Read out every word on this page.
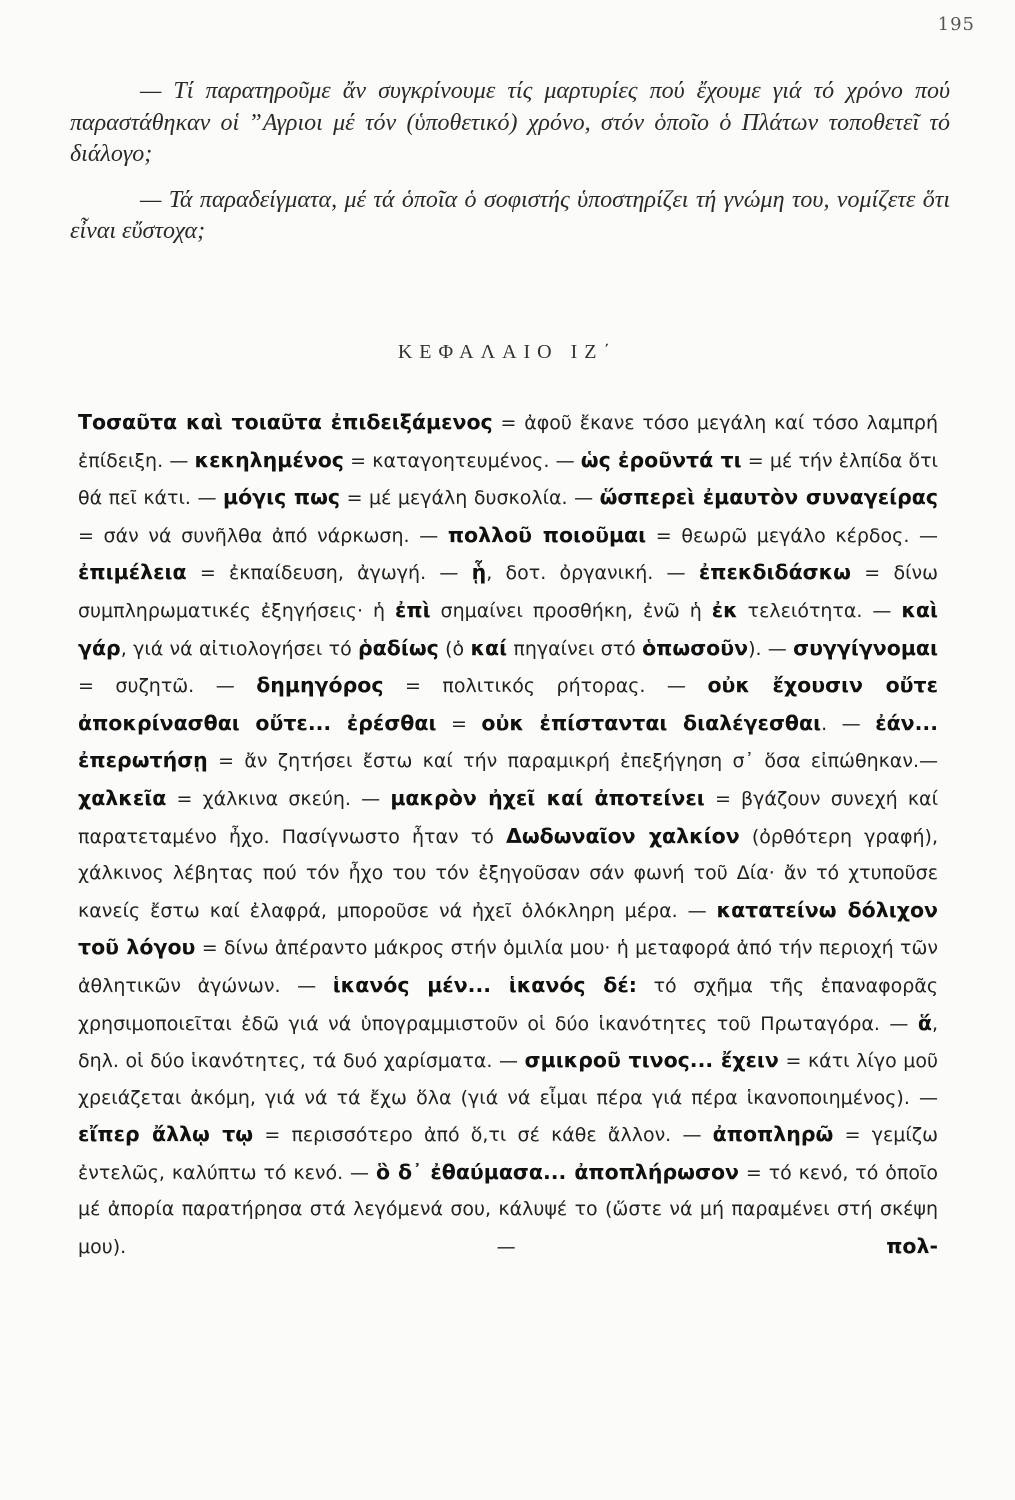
195

— Τί παρατηροῦμε ἄν συγκρίνουμε τίς μαρτυρίες πού ἔχουμε γιά τό χρόνο πού παραστάθηκαν οἱ ˮΑγριοι μέ τόν (ὑποθετικό) χρόνο, στόν ὁποῖο ὁ Πλάτων τοποθετεῖ τό διάλογο;

— Τά παραδείγματα, μέ τά ὁποῖα ὁ σοφιστής ὑποστηρίζει τή γνώμη του, νομίζετε ὅτι εἶναι εὔστοχα;

ΚΕΦΑΛΑΙΟ ΙΖ΄

Τοσαῦτα καὶ τοιαῦτα ἐπιδειξάμενος = ἀφοῦ ἔκανε τόσο μεγάλη καί τόσο λαμπρή ἐπίδειξη. — κεκηλημένος = καταγοητευμένος. — ὡς ἐροῦντά τι = μέ τήν ἐλπίδα ὅτι θά πεῖ κάτι. — μόγις πως = μέ μεγάλη δυσκολία. — ὥσπερεὶ ἐμαυτὸν συναγείρας = σάν νά συνῆλθα ἀπό νάρκωση. — πολλοῦ ποιοῦμαι = θεωρῶ μεγάλο κέρδος. — ἐπιμέλεια = ἐκπαίδευση, ἀγωγή. — ᾗ, δοτ. ὀργανική. — ἐπεκδιδάσκω = δίνω συμπληρωματικές ἐξηγήσεις· ἡ ἐπὶ σημαίνει προσθήκη, ἐνῶ ἡ ἐκ τελειότητα. — καὶ γάρ, γιά νά αἰτιολογήσει τό ῥαδίως (ὁ καί πηγαίνει στό ὁπωσοῦν). — συγγίγνομαι = συζητῶ. — δημηγόρος = πολιτικός ρήτορας. — οὐκ ἔχουσιν οὔτε ἀποκρίνασθαι οὔτε... ἐρέσθαι = οὐκ ἐπίστανται διαλέγεσθαι. — ἐάν... ἐπερωτήσῃ = ἄν ζητήσει ἔστω καί τήν παραμικρή ἐπεξήγηση σ᾿ ὅσα εἰπώθηκαν.— χαλκεῖα = χάλκινα σκεύη. — μακρὸν ἠχεῖ καί ἀποτείνει = βγάζουν συνεχή καί παρατεταμένο ἦχο. Πασίγνωστο ἦταν τό Δωδωναῖον χαλκίον (ὀρθότερη γραφή), χάλκινος λέβητας πού τόν ἦχο του τόν ἐξηγοῦσαν σάν φωνή τοῦ Δία· ἄν τό χτυποῦσε κανείς ἔστω καί ἐλαφρά, μποροῦσε νά ἠχεῖ ὁλόκληρη μέρα. — κατατείνω δόλιχον τοῦ λόγου = δίνω ἀπέραντο μάκρος στήν ὁμιλία μου· ἡ μεταφορά ἀπό τήν περιοχή τῶν ἀθλητικῶν ἀγώνων. — ἱκανός μέν... ἱκανός δέ: τό σχῆμα τῆς ἐπαναφορᾶς χρησιμοποιεῖται ἐδῶ γιά νά ὑπογραμμιστοῦν οἱ δύο ἱκανότητες τοῦ Πρωταγόρα. — ἅ, δηλ. οἱ δύο ἱκανότητες, τά δυό χαρίσματα. — σμικροῦ τινος... ἔχειν = κάτι λίγο μοῦ χρειάζεται ἀκόμη, γιά νά τά ἔχω ὅλα (γιά νά εἶμαι πέρα γιά πέρα ἱκανοποιημένος). — εἴπερ ἄλλῳ τῳ = περισσότερο ἀπό ὅ,τι σέ κάθε ἄλλον. — ἀποπληρῶ = γεμίζω ἐντελῶς, καλύπτω τό κενό. — ὃ δ᾿ ἐθαύμασα... ἀποπλήρωσον = τό κενό, τό ὁποῖο μέ ἀπορία παρατήρησα στά λεγόμενά σου, κάλυψέ το (ὥστε νά μή παραμένει στή σκέψη μου). — πολ-
